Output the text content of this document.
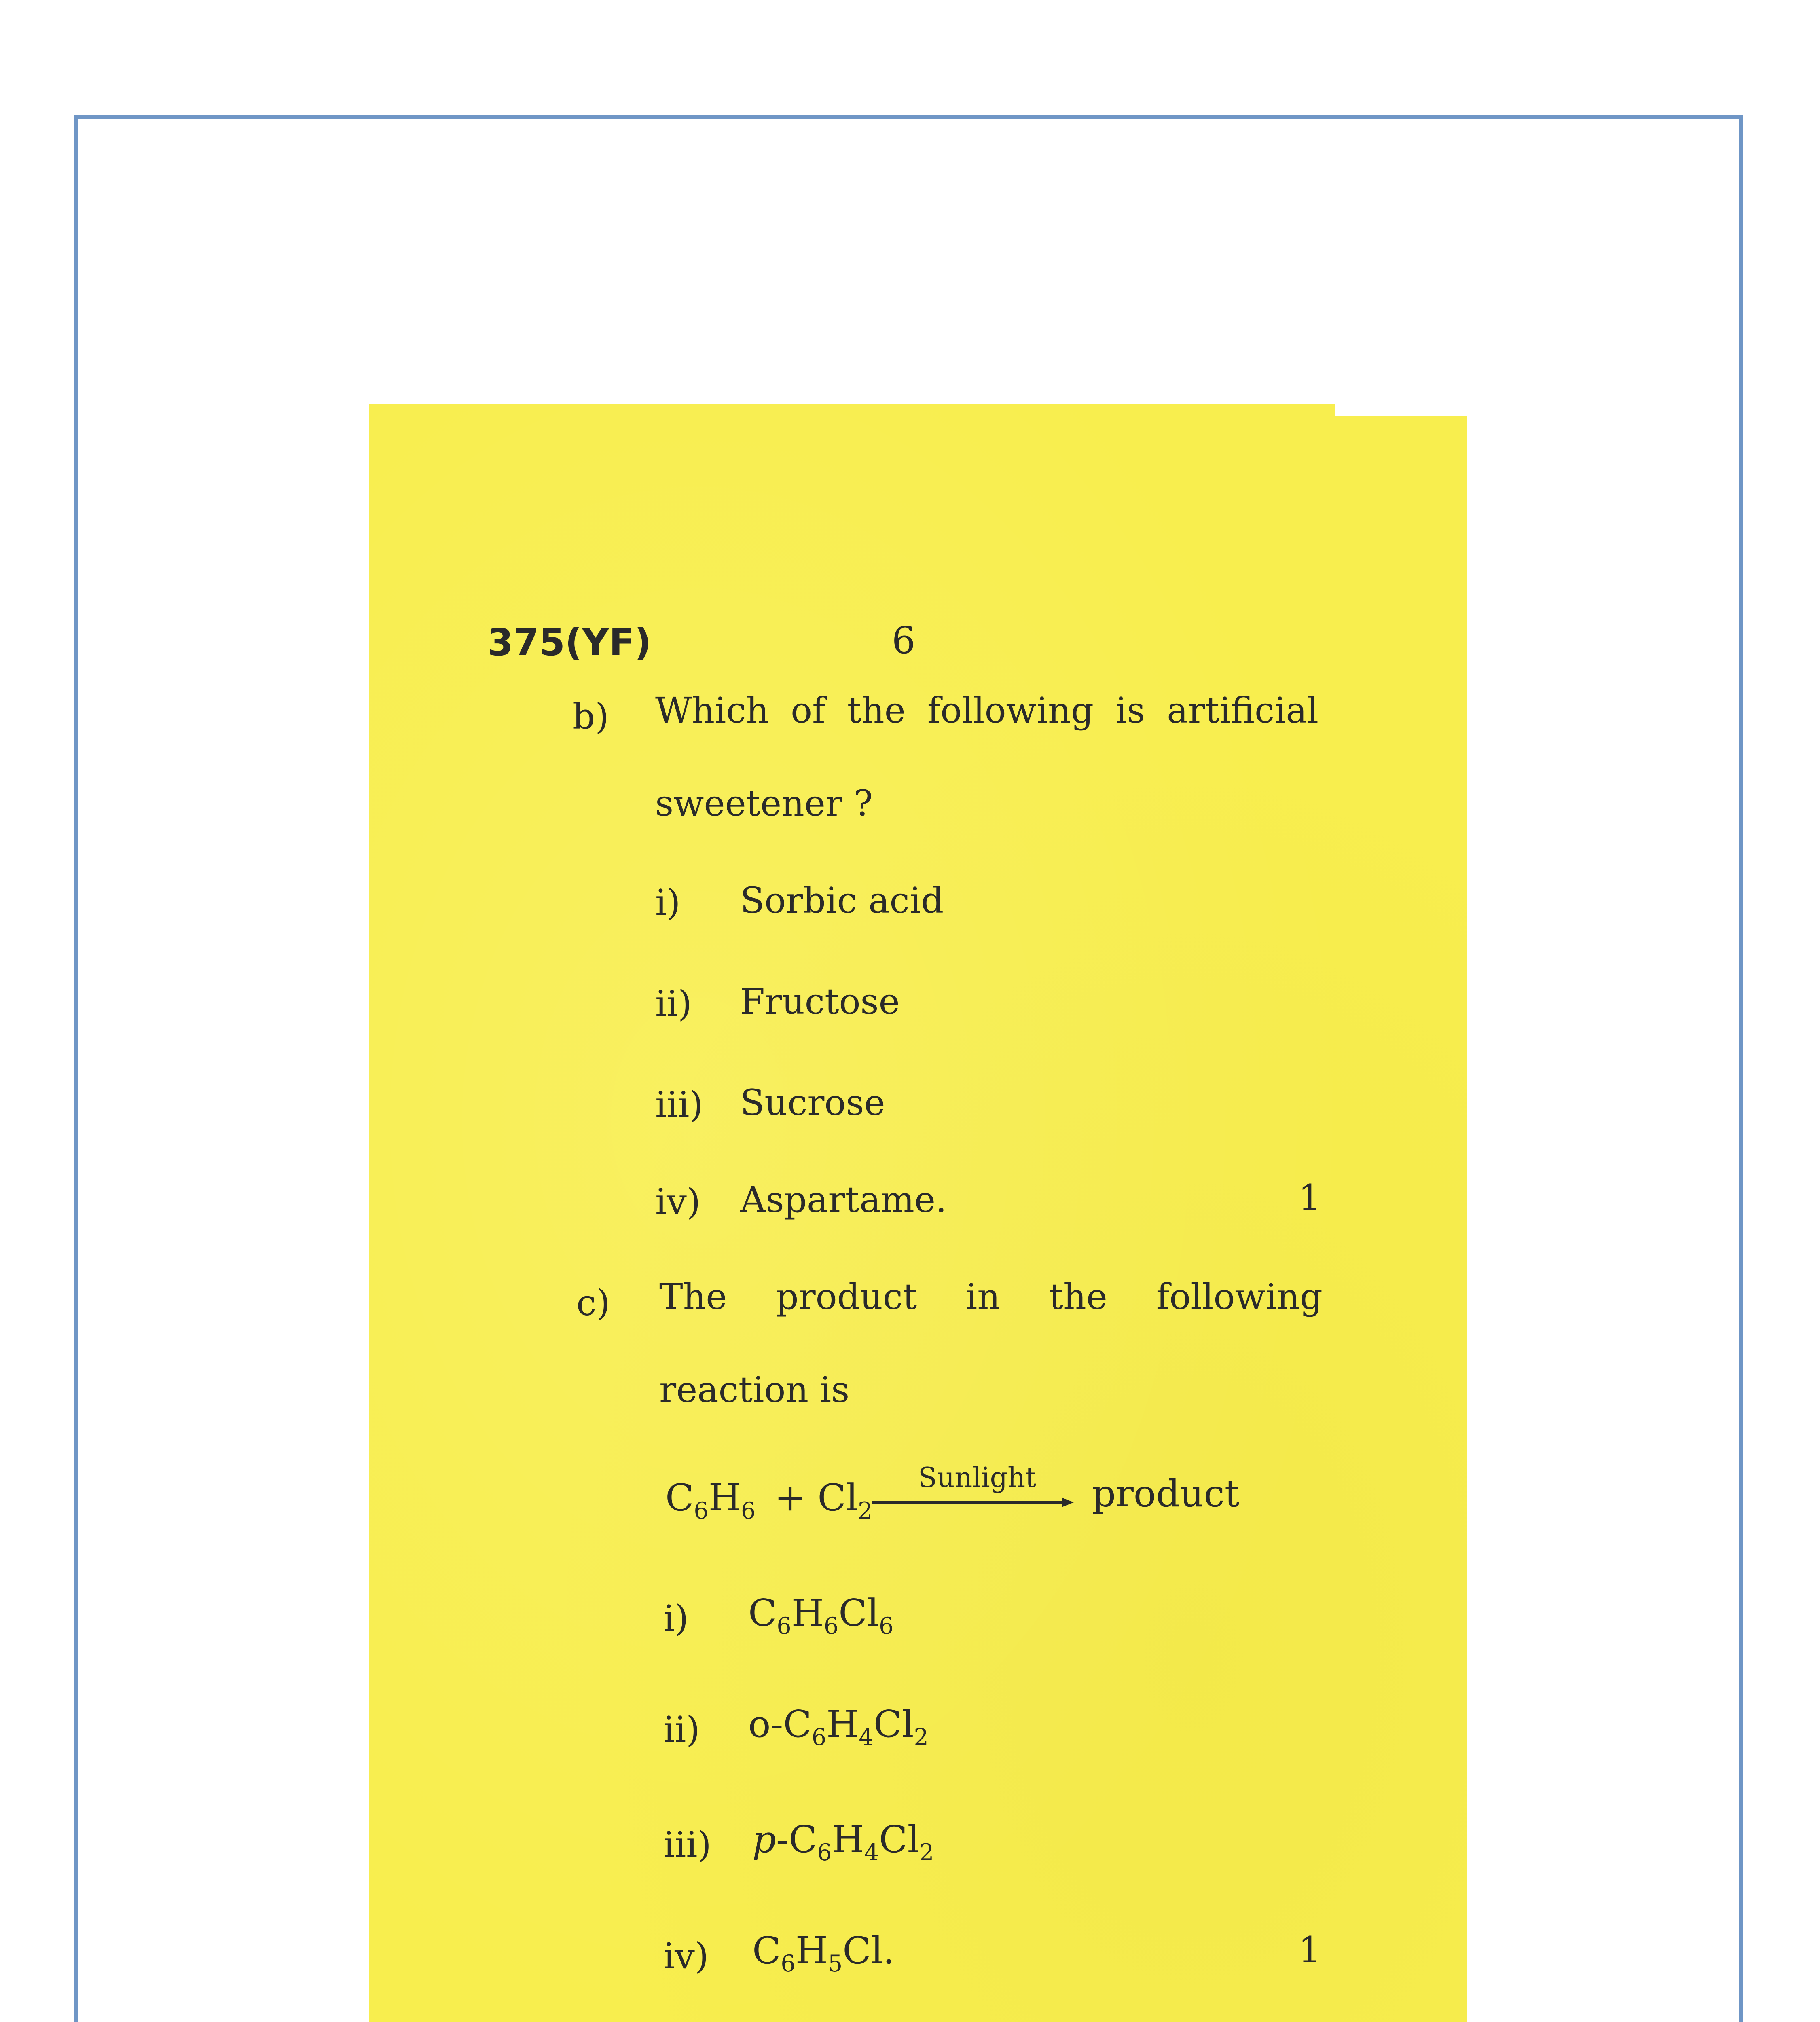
375(YF)	6
b) Which of the following is artificial
sweetener ?
i) Sorbic acid
ii) Fructose
iii) Sucrose
iv) Aspartame.	1
c) The product in the following
reaction is
$C_6H_6 + Cl_2$
Sunlight product
i) $C_6H_6Cl_6$
ii) $o-C_6H_4Cl_2$
iii) $p-C_6H_4Cl_2$
iv) $C_6H_5Cl$.	1
